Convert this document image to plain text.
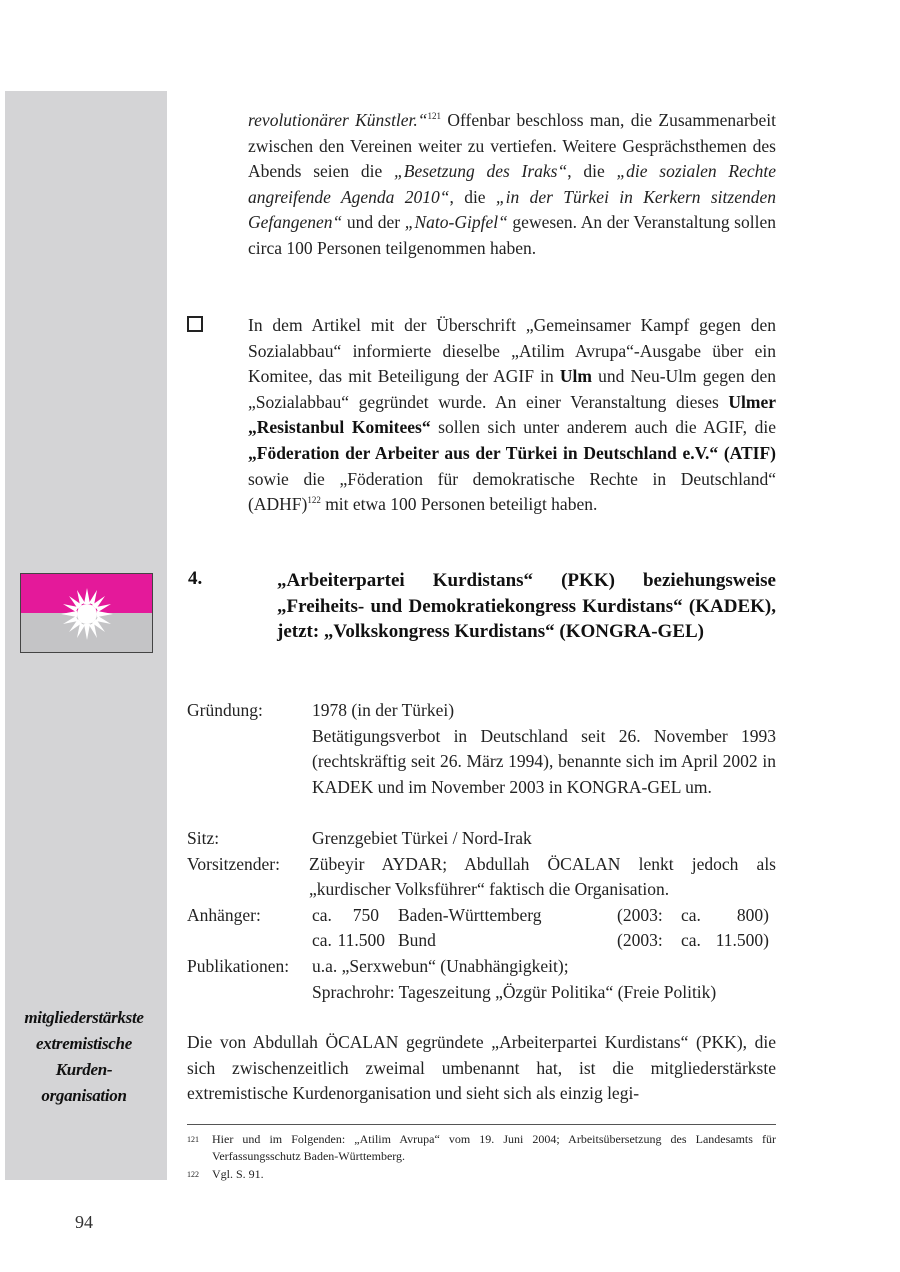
mitgliederstärkste
extremistische
Kurden-
organisation

revolutionärer Künstler.“$^{121}$ Offenbar beschloss man, die Zusammenarbeit zwischen den Vereinen weiter zu vertiefen. Weitere Gesprächsthemen des Abends seien die „Besetzung des Iraks“, die „die sozialen Rechte angreifende Agenda 2010“, die „in der Türkei in Kerkern sitzenden Gefangenen“ und der „Nato-Gipfel“ gewesen. An der Veranstaltung sollen circa 100 Personen teilgenommen haben.

In dem Artikel mit der Überschrift „Gemeinsamer Kampf gegen den Sozialabbau“ informierte dieselbe „Atilim Avrupa“-Ausgabe über ein Komitee, das mit Beteiligung der AGIF in Ulm und Neu-Ulm gegen den „Sozialabbau“ gegründet wurde. An einer Veranstaltung dieses Ulmer „Resistanbul Komitees“ sollen sich unter anderem auch die AGIF, die „Föderation der Arbeiter aus der Türkei in Deutschland e.V.“ (ATIF) sowie die „Föderation für demokratische Rechte in Deutschland“ (ADHF)$^{122}$ mit etwa 100 Personen beteiligt haben.

4.	„Arbeiterpartei Kurdistans“ (PKK) beziehungsweise „Freiheits- und Demokratiekongress Kurdistans“ (KADEK), jetzt: „Volkskongress Kurdistans“ (KONGRA-GEL)

Gründung:	1978 (in der Türkei)
Betätigungsverbot in Deutschland seit 26. November 1993 (rechtskräftig seit 26. März 1994), benannte sich im April 2002 in KADEK und im November 2003 in KONGRA-GEL um.
Sitz:	Grenzgebiet Türkei / Nord-Irak
Vorsitzender: Zübeyir AYDAR; Abdullah ÖCALAN lenkt jedoch als „kurdischer Volksführer“ faktisch die Organisation.
Anhänger:	ca. 750 Baden-Württemberg	(2003: ca.	800)
ca. 11.500 Bund	(2003: ca. 11.500)
Publikationen: u.a. „Serxwebun“ (Unabhängigkeit);
Sprachrohr: Tageszeitung „Özgür Politika“ (Freie Politik)

Die von Abdullah ÖCALAN gegründete „Arbeiterpartei Kurdistans“ (PKK), die sich zwischenzeitlich zweimal umbenannt hat, ist die mitgliederstärkste extremistische Kurdenorganisation und sieht sich als einzig legi-

121 Hier und im Folgenden: „Atilim Avrupa“ vom 19. Juni 2004; Arbeitsübersetzung des Landesamts für Verfassungsschutz Baden-Württemberg.
122 Vgl. S. 91.
94
